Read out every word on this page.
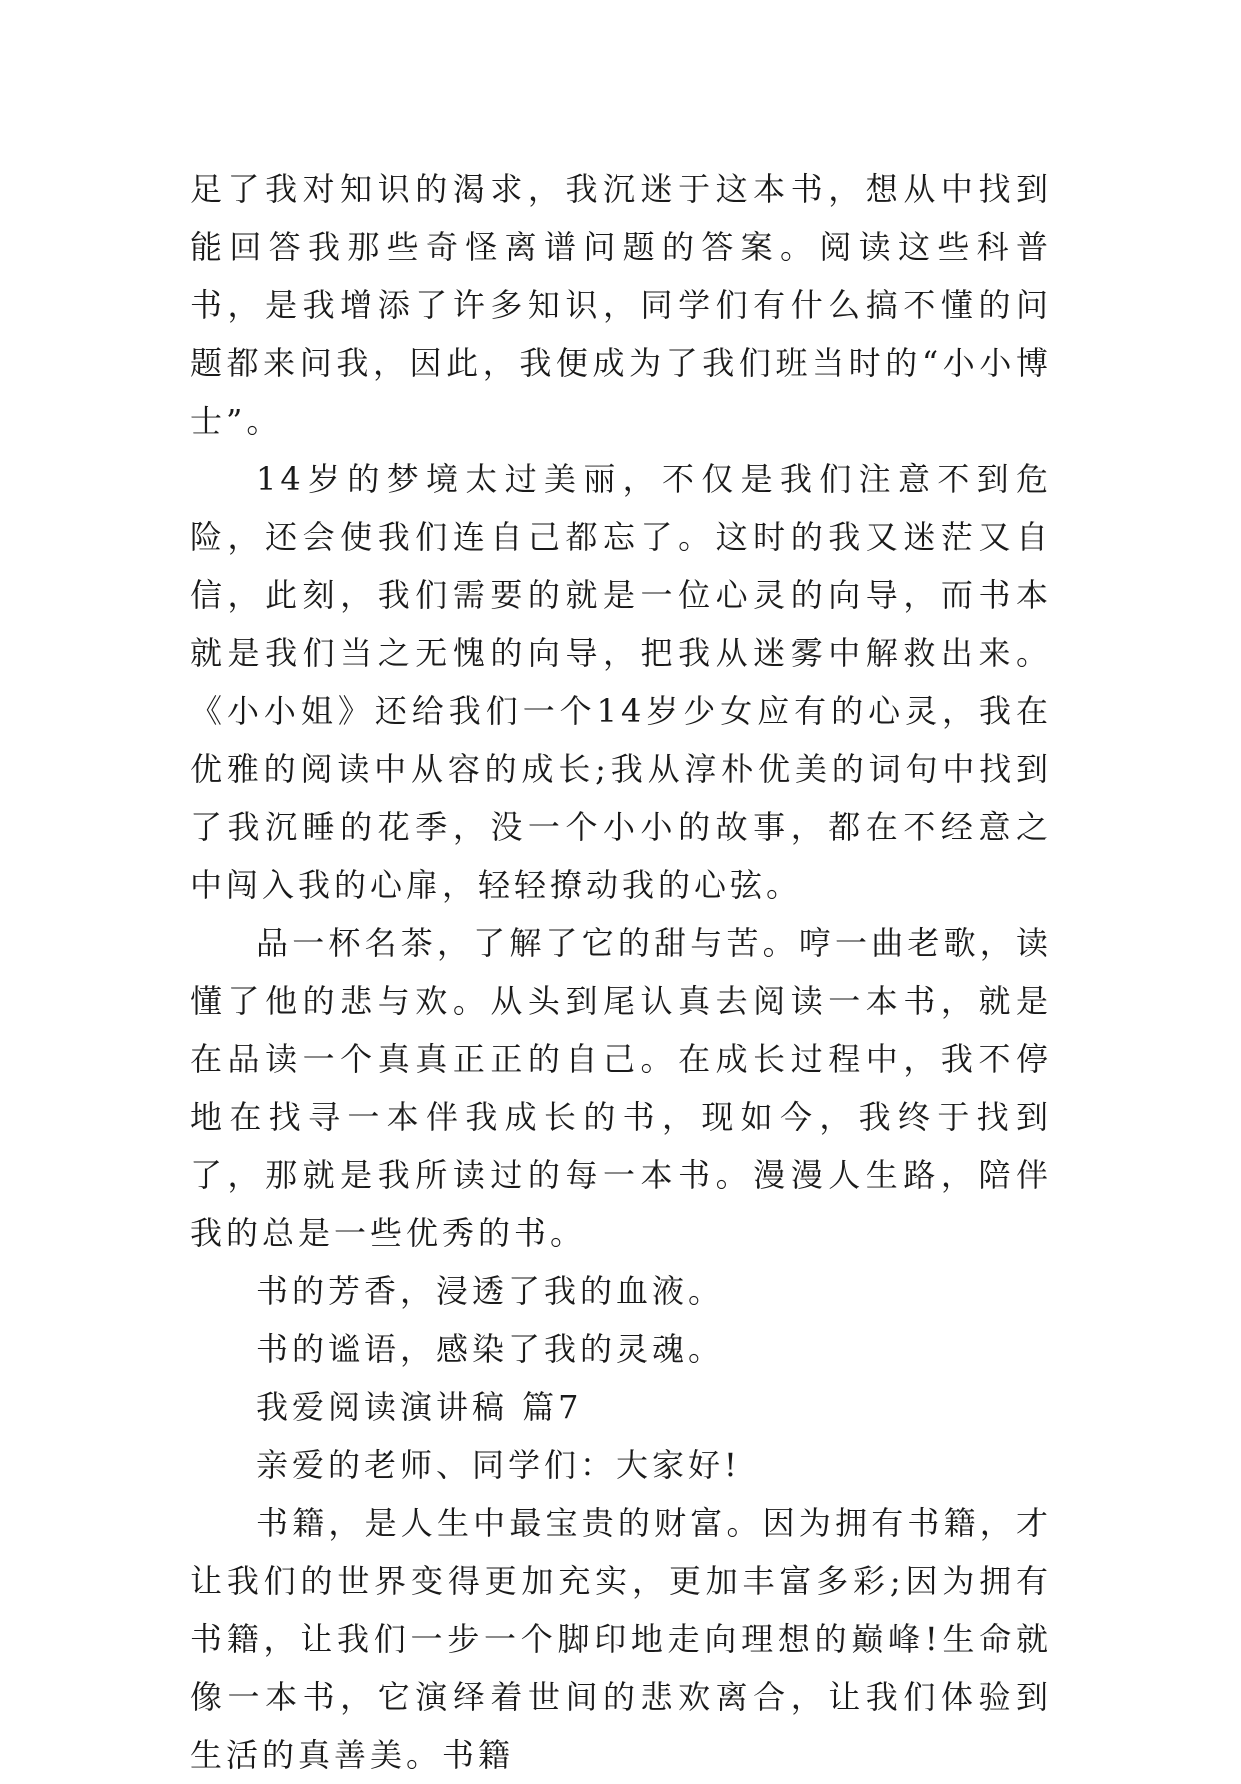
足了我对知识的渴求，我沉迷于这本书，想从中找到能回答我那些奇怪离谱问题的答案。阅读这些科普书，是我增添了许多知识，同学们有什么搞不懂的问题都来问我，因此，我便成为了我们班当时的“小小博士”。

14岁的梦境太过美丽，不仅是我们注意不到危险，还会使我们连自己都忘了。这时的我又迷茫又自信，此刻，我们需要的就是一位心灵的向导，而书本就是我们当之无愧的向导，把我从迷雾中解救出来。《小小姐》还给我们一个14岁少女应有的心灵，我在优雅的阅读中从容的成长;我从淳朴优美的词句中找到了我沉睡的花季，没一个小小的故事，都在不经意之中闯入我的心扉，轻轻撩动我的心弦。

品一杯名茶，了解了它的甜与苦。哼一曲老歌，读懂了他的悲与欢。从头到尾认真去阅读一本书，就是在品读一个真真正正的自己。在成长过程中，我不停地在找寻一本伴我成长的书，现如今，我终于找到了，那就是我所读过的每一本书。漫漫人生路，陪伴我的总是一些优秀的书。

书的芳香，浸透了我的血液。

书的谧语，感染了我的灵魂。

我爱阅读演讲稿 篇7

亲爱的老师、同学们：大家好!

书籍，是人生中最宝贵的财富。因为拥有书籍，才让我们的世界变得更加充实，更加丰富多彩;因为拥有书籍，让我们一步一个脚印地走向理想的巅峰!生命就像一本书，它演绎着世间的悲欢离合，让我们体验到生活的真善美。书籍
